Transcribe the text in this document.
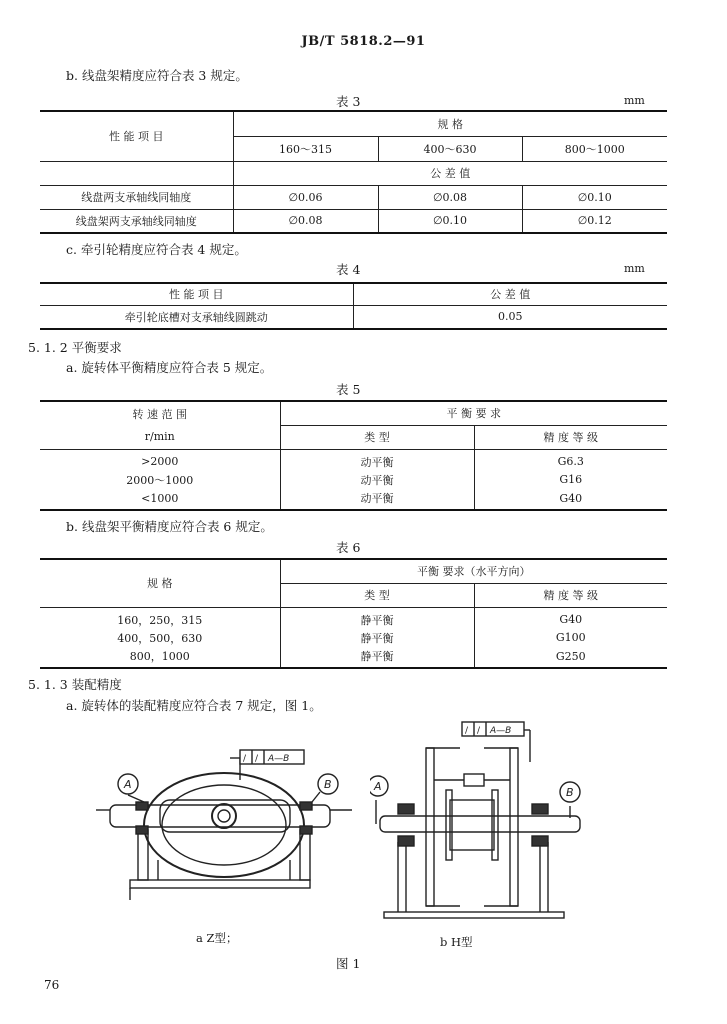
JB/T 5818.2—91
b. 线盘架精度应符合表 3 规定。
表 3	mm
性 能 项 目	规 格		
	160～315	400～630	800～1000
	公 差 值		
线盘两支承轴线同轴度	∅0.06	∅0.08	∅0.10
线盘架两支承轴线同轴度	∅0.08	∅0.10	∅0.12
c. 牵引轮精度应符合表 4 规定。
表 4	mm
性 能 项 目	公 差 值
牵引轮底槽对支承轴线圆跳动	0.05
5. 1. 2 平衡要求
a. 旋转体平衡精度应符合表 5 规定。
表 5
转 速 范 围	平 衡 要 求	
r/min	类 型	精 度 等 级
>2000	动平衡	G6.3
2000～1000	动平衡	G16
<1000	动平衡	G40
b. 线盘架平衡精度应符合表 6 规定。
表 6
规 格	平衡 要求（水平方向）	
	类 型	精 度 等 级
160，250，315	静平衡	G40
400，500，630	静平衡	G100
800，1000	静平衡	G250
5. 1. 3 装配精度
a. 旋转体的装配精度应符合表 7 规定，图 1。
/ / A—B
A	B
/ / A—B
A	B
a Z型；	b H型
图 1
76
